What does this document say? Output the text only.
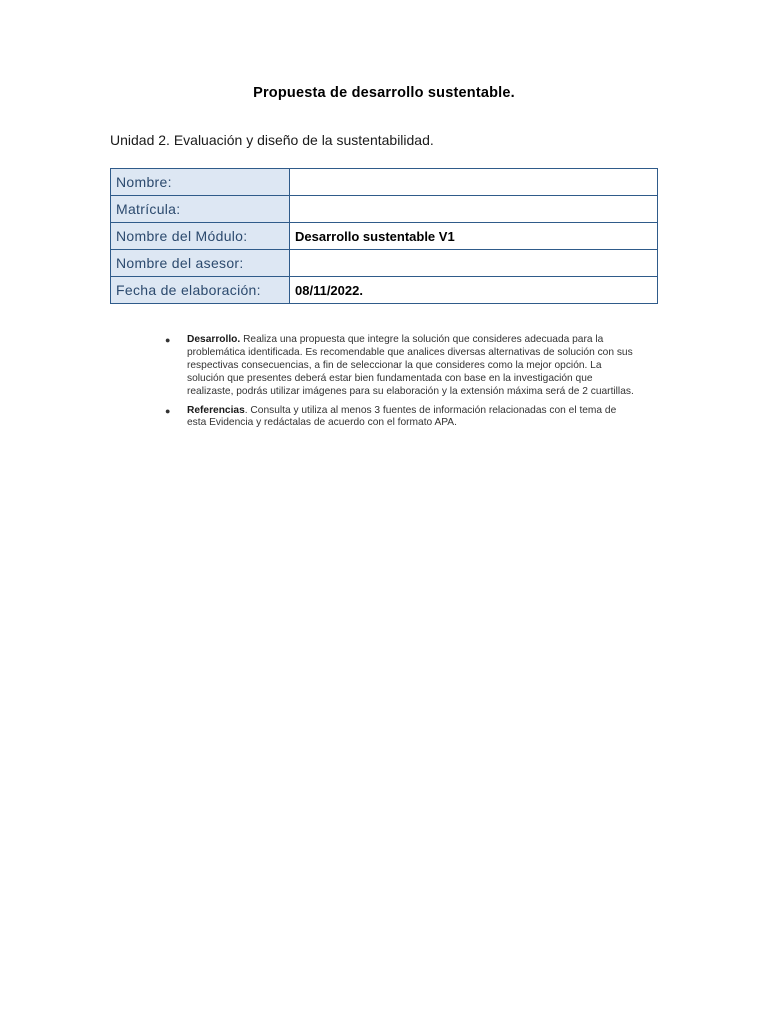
Propuesta de desarrollo sustentable.
Unidad 2. Evaluación y diseño de la sustentabilidad.
Nombre:	
Matrícula:	
Nombre del Módulo:	Desarrollo sustentable V1
Nombre del asesor:	
Fecha de elaboración:	08/11/2022.
● Desarrollo. Realiza una propuesta que integre la solución que consideres adecuada para la problemática identificada. Es recomendable que analices diversas alternativas de solución con sus respectivas consecuencias, a fin de seleccionar la que consideres como la mejor opción. La solución que presentes deberá estar bien fundamentada con base en la investigación que realizaste, podrás utilizar imágenes para su elaboración y la extensión máxima será de 2 cuartillas.
● Referencias. Consulta y utiliza al menos 3 fuentes de información relacionadas con el tema de esta Evidencia y redáctalas de acuerdo con el formato APA.
